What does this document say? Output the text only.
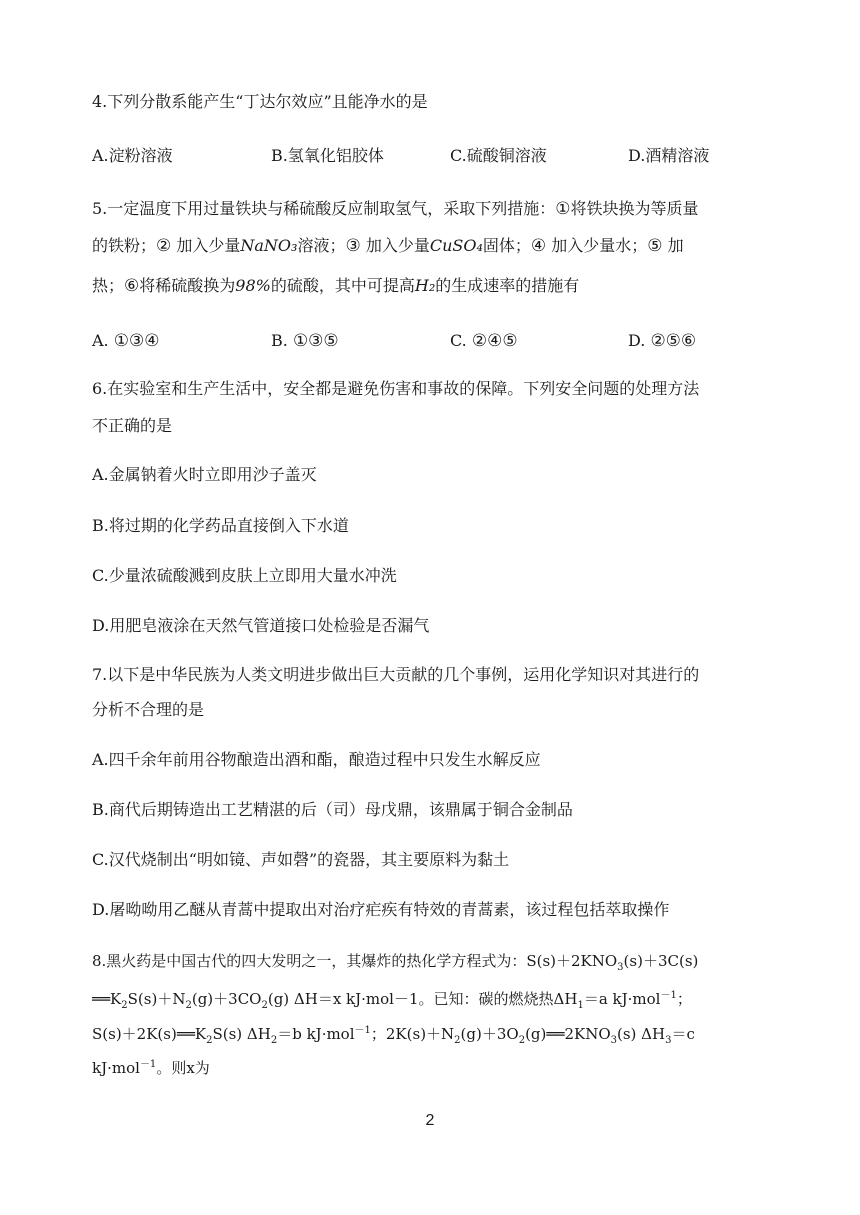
4.下列分散系能产生“丁达尔效应”且能净水的是
A.淀粉溶液	B.氢氧化铝胶体	C.硫酸铜溶液	D.酒精溶液
5.一定温度下用过量铁块与稀硫酸反应制取氢气，采取下列措施：①将铁块换为等质量
的铁粉；② 加入少量NaNO₃溶液；③ 加入少量CuSO₄固体；④ 加入少量水；⑤ 加
热；⑥将稀硫酸换为98%的硫酸，其中可提高H₂的生成速率的措施有
A. ①③④	B. ①③⑤	C. ②④⑤	D. ②⑤⑥
6.在实验室和生产生活中，安全都是避免伤害和事故的保障。下列安全问题的处理方法
不正确的是
A.金属钠着火时立即用沙子盖灭
B.将过期的化学药品直接倒入下水道
C.少量浓硫酸溅到皮肤上立即用大量水冲洗
D.用肥皂液涂在天然气管道接口处检验是否漏气
7.以下是中华民族为人类文明进步做出巨大贡献的几个事例，运用化学知识对其进行的
分析不合理的是
A.四千余年前用谷物酿造出酒和酯，酿造过程中只发生水解反应
B.商代后期铸造出工艺精湛的后（司）母戊鼎，该鼎属于铜合金制品
C.汉代烧制出“明如镜、声如磬”的瓷器，其主要原料为黏土
D.屠呦呦用乙醚从青蒿中提取出对治疗疟疾有特效的青蒿素，该过程包括萃取操作
8.黑火药是中国古代的四大发明之一，其爆炸的热化学方程式为：$S(s)+2KNO_3(s)+3C(s)$
$══K_2S(s)+N_2(g)+3CO_2(g)$ ΔH＝x kJ·mol－1。已知：碳的燃烧热$\Delta H_1=a$ kJ·mol$^{-1}$；
$S(s)+2K(s)══K_2S(s)$ $\Delta H_2=b$ kJ·mol$^{-1}$；$2K(s)+N_2(g)+3O_2(g)══2KNO_3(s)$ $\Delta H_3=c$
kJ·mol$^{-1}$。则x为
2
